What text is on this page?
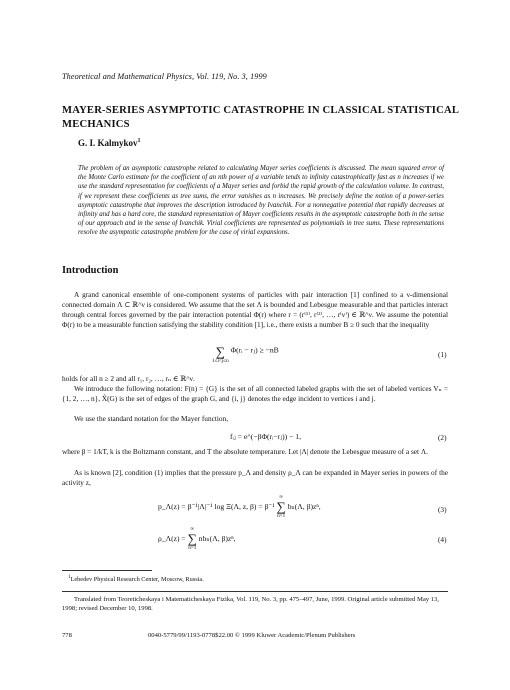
Theoretical and Mathematical Physics, Vol. 119, No. 3, 1999
MAYER-SERIES ASYMPTOTIC CATASTROPHE IN CLASSICAL STATISTICAL MECHANICS
G. I. Kalmykov$^1$
The problem of an asymptotic catastrophe related to calculating Mayer series coefficients is discussed. The mean squared error of the Monte Carlo estimate for the coefficient of an nth power of a variable tends to infinity catastrophically fast as n increases if we use the standard representation for coefficients of a Mayer series and forbid the rapid growth of the calculation volume. In contrast, if we represent these coefficients as tree sums, the error vanishes as n increases. We precisely define the notion of a power-series asymptotic catastrophe that improves the description introduced by Ivanchik. For a nonnegative potential that rapidly decreases at infinity and has a hard core, the standard representation of Mayer coefficients results in the asymptotic catastrophe both in the sense of our approach and in the sense of Ivanchik. Virial coefficients are represented as polynomials in tree sums. These representations resolve the asymptotic catastrophe problem for the case of virial expansions.
Introduction
A grand canonical ensemble of one-component systems of particles with pair interaction [1] confined to a ν-dimensional connected domain Λ ⊂ ℝ^ν is considered. We assume that the set Λ is bounded and Lebesgue measurable and that particles interact through central forces governed by the pair interaction potential Φ(r) where r = (r⁽¹⁾, r⁽²⁾, …, r⁽ν⁾) ∈ ℝ^ν. We assume the potential Φ(r) to be a measurable function satisfying the stability condition [1], i.e., there exists a number B ≥ 0 such that the inequality
∑
1≤i<j≤n
Φ(rᵢ − rⱼ) ≥ −nB
(1)
holds for all n ≥ 2 and all r₁, r₂, …, rₙ ∈ ℝ^ν.
We introduce the following notation: F(n) = {G} is the set of all connected labeled graphs with the set of labeled vertices Vₙ = {1, 2, …, n}, X̃(G) is the set of edges of the graph G, and {i, j} denotes the edge incident to vertices i and j.
We use the standard notation for the Mayer function,
fᵢⱼ = e^(−βΦ(rᵢ−rⱼ)) − 1,	(2)
where β = 1/kT, k is the Boltzmann constant, and T the absolute temperature. Let |Λ| denote the Lebesgue measure of a set Λ.
As is known [2], condition (1) implies that the pressure p_Λ and density ρ_Λ can be expanded in Mayer series in powers of the activity z,
p_Λ(z) = β⁻¹|Λ|⁻¹ log Ξ(Λ, z, β) = β⁻¹
∞
∑
n=1
bₙ(Λ, β)zⁿ,	(3)
ρ_Λ(z) =
∞
∑
n=1
nbₙ(Λ, β)zⁿ,	(4)
$^1$Lebedev Physical Research Center, Moscow, Russia.
Translated from Teoreticheskaya i Matematicheskaya Fizika, Vol. 119, No. 3, pp. 475–497, June, 1999. Original article submitted May 13, 1998; revised December 10, 1998.
778	0040-5779/99/1193-0778$22.00 © 1999 Kluwer Academic/Plenum Publishers
